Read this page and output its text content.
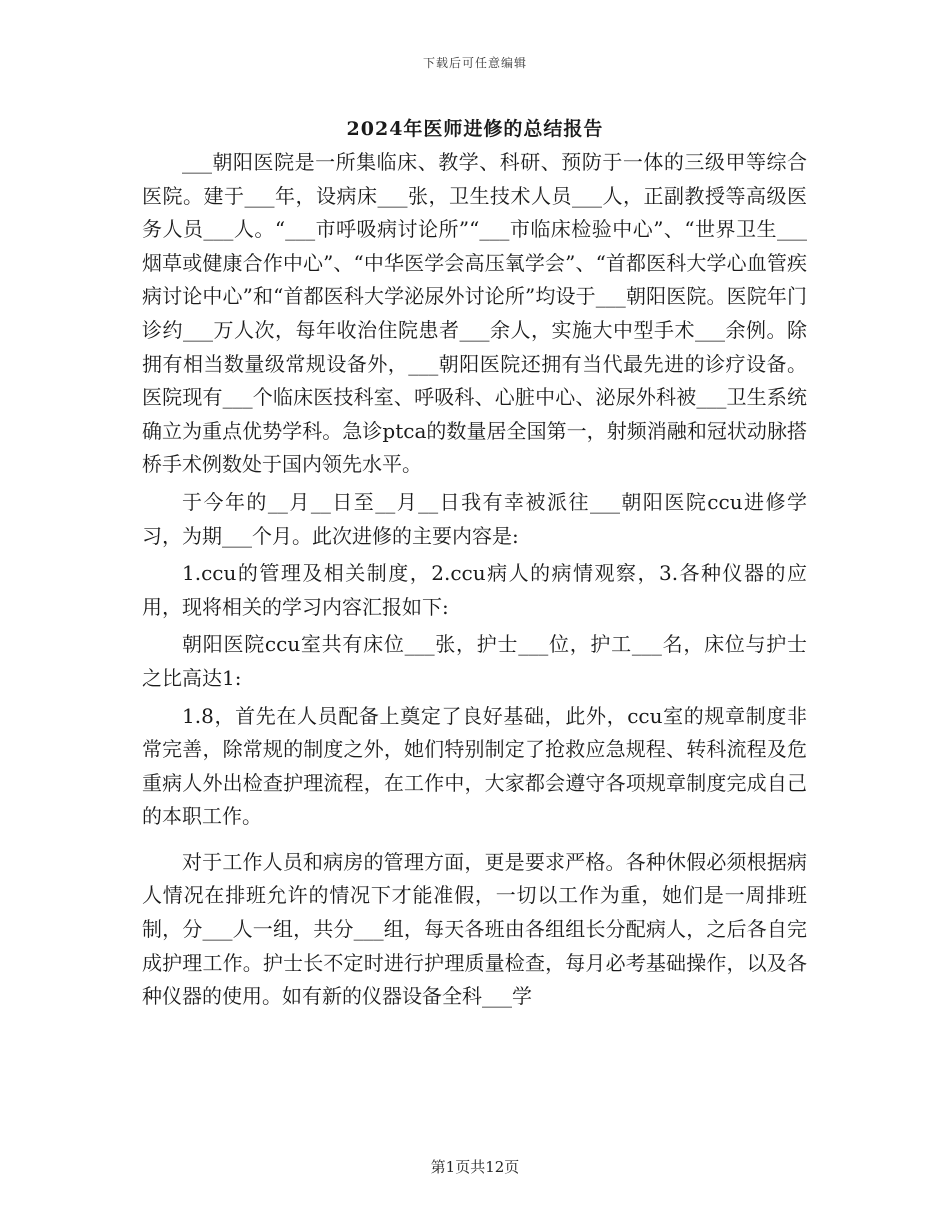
下载后可任意编辑
2024年医师进修的总结报告

___朝阳医院是一所集临床、教学、科研、预防于一体的三级甲等综合医院。建于___年，设病床___张，卫生技术人员___人，正副教授等高级医务人员___人。“___市呼吸病讨论所”“___市临床检验中心”、“世界卫生___烟草或健康合作中心”、“中华医学会高压氧学会”、“首都医科大学心血管疾病讨论中心”和“首都医科大学泌尿外讨论所”均设于___朝阳医院。医院年门诊约___万人次，每年收治住院患者___余人，实施大中型手术___余例。除拥有相当数量级常规设备外，___朝阳医院还拥有当代最先进的诊疗设备。医院现有___个临床医技科室、呼吸科、心脏中心、泌尿外科被___卫生系统确立为重点优势学科。急诊ptca的数量居全国第一，射频消融和冠状动脉搭桥手术例数处于国内领先水平。

于今年的__月__日至__月__日我有幸被派往___朝阳医院ccu进修学习，为期___个月。此次进修的主要内容是:

1.ccu的管理及相关制度，2.ccu病人的病情观察，3.各种仪器的应用，现将相关的学习内容汇报如下:

朝阳医院ccu室共有床位___张，护士___位，护工___名，床位与护士之比高达1:

1.8，首先在人员配备上奠定了良好基础，此外，ccu室的规章制度非常完善，除常规的制度之外，她们特别制定了抢救应急规程、转科流程及危重病人外出检查护理流程，在工作中，大家都会遵守各项规章制度完成自己的本职工作。

对于工作人员和病房的管理方面，更是要求严格。各种休假必须根据病人情况在排班允许的情况下才能准假，一切以工作为重，她们是一周排班制，分___人一组，共分___组，每天各班由各组组长分配病人，之后各自完成护理工作。护士长不定时进行护理质量检查，每月必考基础操作，以及各种仪器的使用。如有新的仪器设备全科___学

第1页共12页
